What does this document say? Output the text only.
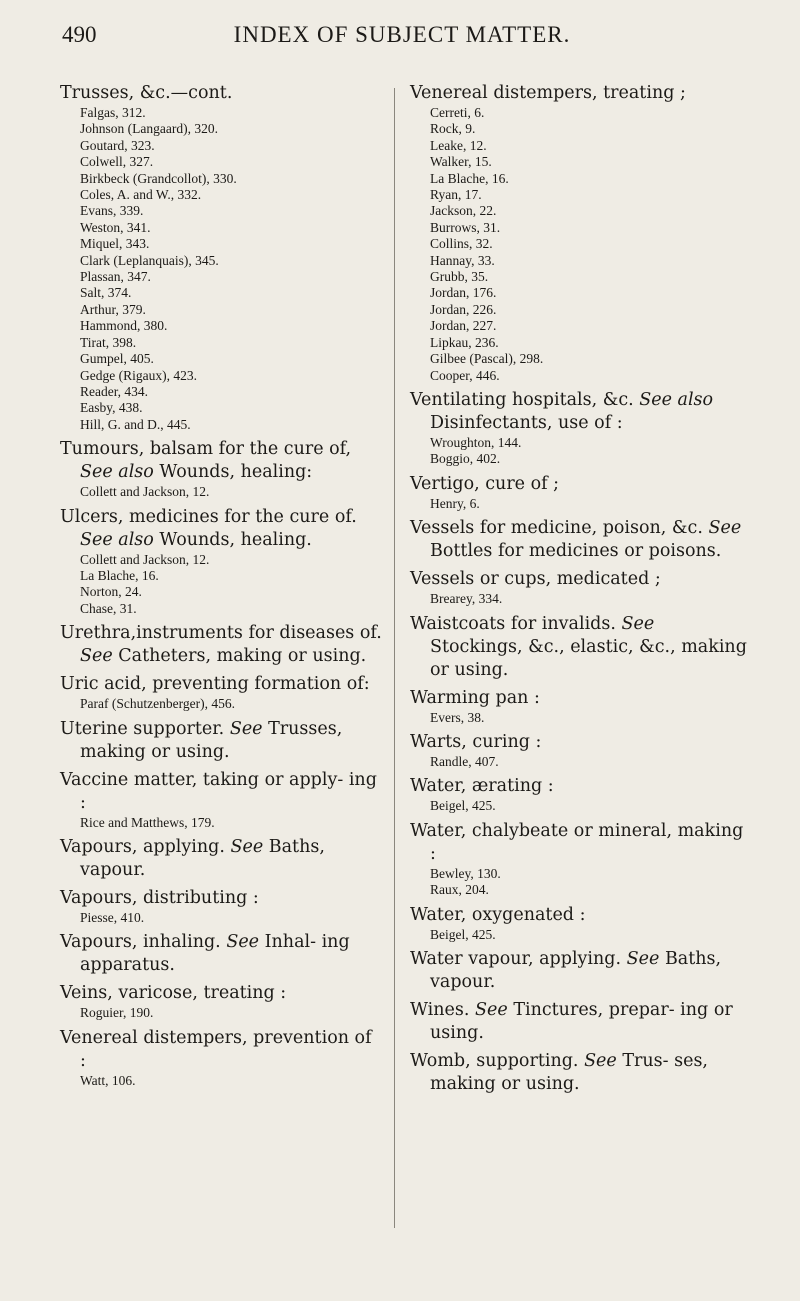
490	INDEX OF SUBJECT MATTER.
Trusses, &c.—cont.
Falgas, 312.
Johnson (Langaard), 320.
Goutard, 323.
Colwell, 327.
Birkbeck (Grandcollot), 330.
Coles, A. and W., 332.
Evans, 339.
Weston, 341.
Miquel, 343.
Clark (Leplanquais), 345.
Plassan, 347.
Salt, 374.
Arthur, 379.
Hammond, 380.
Tirat, 398.
Gumpel, 405.
Gedge (Rigaux), 423.
Reader, 434.
Easby, 438.
Hill, G. and D., 445.
Tumours, balsam for the cure of, See also Wounds, healing:
Collett and Jackson, 12.
Ulcers, medicines for the cure of. See also Wounds, healing.
Collett and Jackson, 12.
La Blache, 16.
Norton, 24.
Chase, 31.
Urethra,instruments for diseases of. See Catheters, making or using.
Uric acid, preventing formation of:
Paraf (Schutzenberger), 456.
Uterine supporter. See Trusses, making or using.
Vaccine matter, taking or apply- ing :
Rice and Matthews, 179.
Vapours, applying. See Baths, vapour.
Vapours, distributing :
Piesse, 410.
Vapours, inhaling. See Inhal- ing apparatus.
Veins, varicose, treating :
Roguier, 190.
Venereal distempers, prevention of :
Watt, 106.
Venereal distempers, treating ;
Cerreti, 6.
Rock, 9.
Leake, 12.
Walker, 15.
La Blache, 16.
Ryan, 17.
Jackson, 22.
Burrows, 31.
Collins, 32.
Hannay, 33.
Grubb, 35.
Jordan, 176.
Jordan, 226.
Jordan, 227.
Lipkau, 236.
Gilbee (Pascal), 298.
Cooper, 446.
Ventilating hospitals, &c. See also Disinfectants, use of :
Wroughton, 144.
Boggio, 402.
Vertigo, cure of ;
Henry, 6.
Vessels for medicine, poison, &c. See Bottles for medicines or poisons.
Vessels or cups, medicated ;
Brearey, 334.
Waistcoats for invalids. See Stockings, &c., elastic, &c., making or using.
Warming pan :
Evers, 38.
Warts, curing :
Randle, 407.
Water, ærating :
Beigel, 425.
Water, chalybeate or mineral, making :
Bewley, 130.
Raux, 204.
Water, oxygenated :
Beigel, 425.
Water vapour, applying. See Baths, vapour.
Wines. See Tinctures, prepar- ing or using.
Womb, supporting. See Trus- ses, making or using.
